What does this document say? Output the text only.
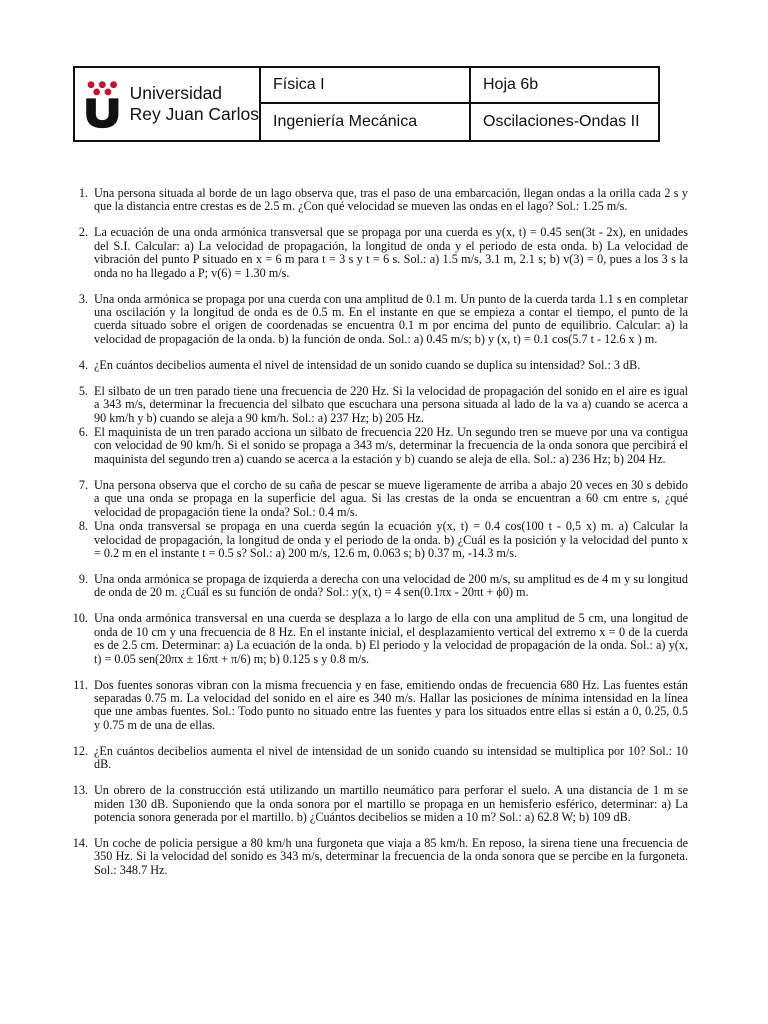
Universidad
Rey Juan Carlos
Física I	Hoja 6b
Ingeniería Mecánica	Oscilaciones-Ondas II
1. Una persona situada al borde de un lago observa que, tras el paso de una embarcación, llegan ondas a la orilla cada 2 s y que la distancia entre crestas es de 2.5 m. ¿Con qué velocidad se mueven las ondas en el lago? Sol.: 1.25 m/s.
2. La ecuación de una onda armónica transversal que se propaga por una cuerda es y(x, t) = 0.45 sen(3t - 2x), en unidades del S.I. Calcular: a) La velocidad de propagación, la longitud de onda y el periodo de esta onda. b) La velocidad de vibración del punto P situado en x = 6 m para t = 3 s y t = 6 s. Sol.: a) 1.5 m/s, 3.1 m, 2.1 s; b) v(3) = 0, pues a los 3 s la onda no ha llegado a P; v(6) = 1.30 m/s.
3. Una onda armónica se propaga por una cuerda con una amplitud de 0.1 m. Un punto de la cuerda tarda 1.1 s en completar una oscilación y la longitud de onda es de 0.5 m. En el instante en que se empieza a contar el tiempo, el punto de la cuerda situado sobre el origen de coordenadas se encuentra 0.1 m por encima del punto de equilibrio. Calcular: a) la velocidad de propagación de la onda. b) la función de onda. Sol.: a) 0.45 m/s; b) y (x, t) = 0.1 cos(5.7 t - 12.6 x ) m.
4. ¿En cuántos decibelios aumenta el nivel de intensidad de un sonido cuando se duplica su intensidad? Sol.: 3 dB.
5. El silbato de un tren parado tiene una frecuencia de 220 Hz. Si la velocidad de propagación del sonido en el aire es igual a 343 m/s, determinar la frecuencia del silbato que escuchara una persona situada al lado de la va a) cuando se acerca a 90 km/h y b) cuando se aleja a 90 km/h. Sol.: a) 237 Hz; b) 205 Hz.
6. El maquinista de un tren parado acciona un silbato de frecuencia 220 Hz. Un segundo tren se mueve por una va contigua con velocidad de 90 km/h. Si el sonido se propaga a 343 m/s, determinar la frecuencia de la onda sonora que percibirá el maquinista del segundo tren a) cuando se acerca a la estación y b) cuando se aleja de ella. Sol.: a) 236 Hz; b) 204 Hz.
7. Una persona observa que el corcho de su caña de pescar se mueve ligeramente de arriba a abajo 20 veces en 30 s debido a que una onda se propaga en la superficie del agua. Si las crestas de la onda se encuentran a 60 cm entre s, ¿qué velocidad de propagación tiene la onda? Sol.: 0.4 m/s.
8. Una onda transversal se propaga en una cuerda según la ecuación y(x, t) = 0.4 cos(100 t - 0,5 x) m. a) Calcular la velocidad de propagación, la longitud de onda y el periodo de la onda. b) ¿Cuál es la posición y la velocidad del punto x = 0.2 m en el instante t = 0.5 s? Sol.: a) 200 m/s, 12.6 m, 0.063 s; b) 0.37 m, -14.3 m/s.
9. Una onda armónica se propaga de izquierda a derecha con una velocidad de 200 m/s, su amplitud es de 4 m y su longitud de onda de 20 m. ¿Cuál es su función de onda? Sol.: y(x, t) = 4 sen(0.1πx - 20πt + ϕ0) m.
10. Una onda armónica transversal en una cuerda se desplaza a lo largo de ella con una amplitud de 5 cm, una longitud de onda de 10 cm y una frecuencia de 8 Hz. En el instante inicial, el desplazamiento vertical del extremo x = 0 de la cuerda es de 2.5 cm. Determinar: a) La ecuación de la onda. b) El periodo y la velocidad de propagación de la onda. Sol.: a) y(x, t) = 0.05 sen(20πx ± 16πt + π/6) m; b) 0.125 s y 0.8 m/s.
11. Dos fuentes sonoras vibran con la misma frecuencia y en fase, emitiendo ondas de frecuencia 680 Hz. Las fuentes están separadas 0.75 m. La velocidad del sonido en el aire es 340 m/s. Hallar las posiciones de mínima intensidad en la línea que une ambas fuentes. Sol.: Todo punto no situado entre las fuentes y para los situados entre ellas si están a 0, 0.25, 0.5 y 0.75 m de una de ellas.
12. ¿En cuántos decibelios aumenta el nivel de intensidad de un sonido cuando su intensidad se multiplica por 10? Sol.: 10 dB.
13. Un obrero de la construcción está utilizando un martillo neumático para perforar el suelo. A una distancia de 1 m se miden 130 dB. Suponiendo que la onda sonora por el martillo se propaga en un hemisferio esférico, determinar: a) La potencia sonora generada por el martillo. b) ¿Cuántos decibelios se miden a 10 m? Sol.: a) 62.8 W; b) 109 dB.
14. Un coche de policía persigue a 80 km/h una furgoneta que viaja a 85 km/h. En reposo, la sirena tiene una frecuencia de 350 Hz. Si la velocidad del sonido es 343 m/s, determinar la frecuencia de la onda sonora que se percibe en la furgoneta. Sol.: 348.7 Hz.
